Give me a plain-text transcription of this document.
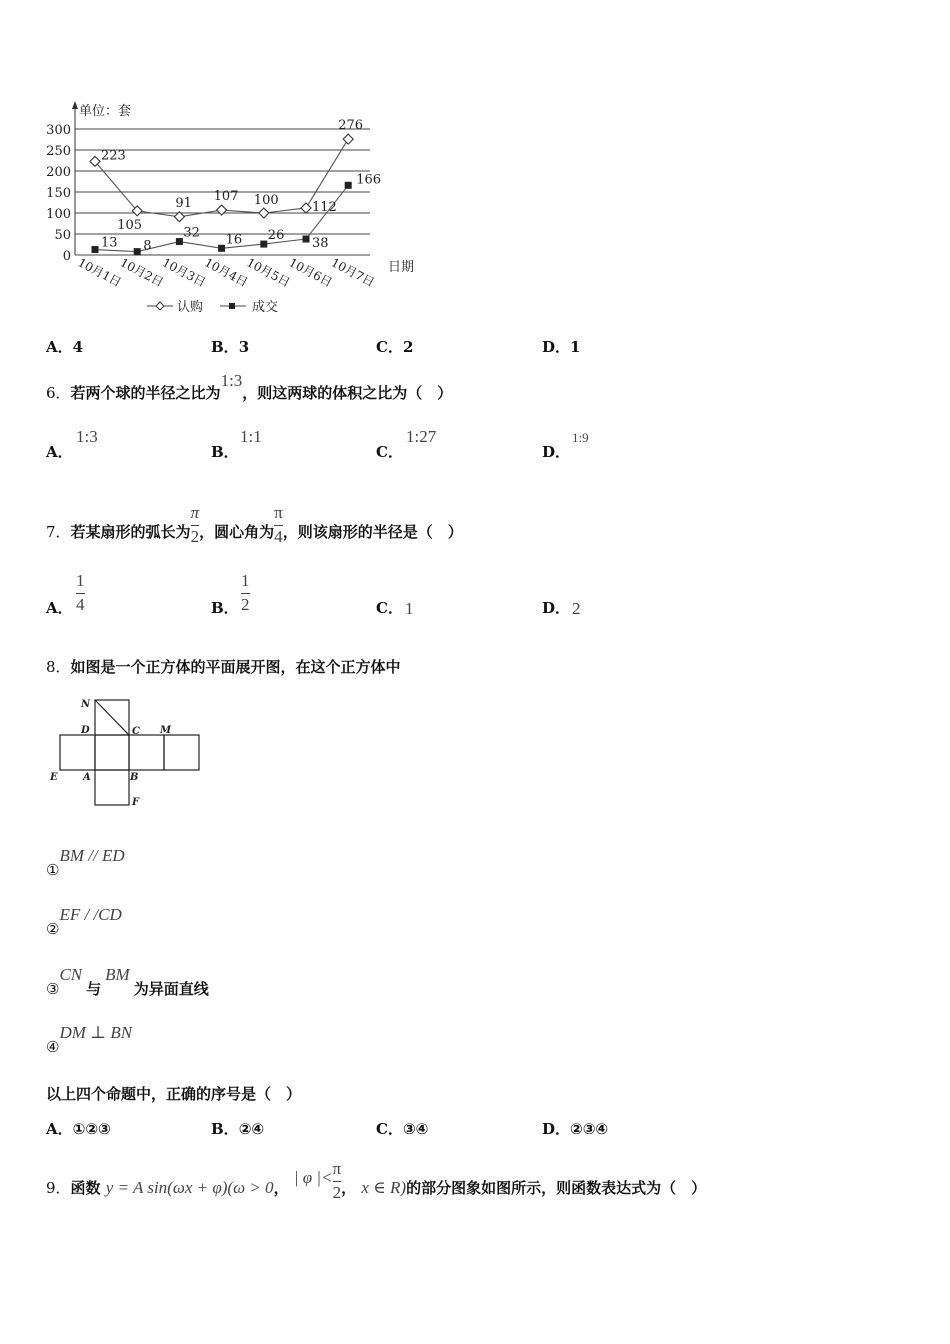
单位：套
0
50
100
150
200
250
300
10月1日
10月2日
10月3日
10月4日
10月5日
10月6日
10月7日 日期
223
105
91 107 100	112
276
13 8
32 16 26
38
166
认购	成交
A．4	B．3	C．2	D．1
6．若两个球的半径之比为1:3，则这两球的体积之比为（　）
A．
1:3
B．
1:1
C．
1:27
D．
1:9
7．若某扇形的弧长为 $\frac{\pi}{2}$ ，圆心角为 $\frac{\pi}{4}$ ，则该扇形的半径是（　）
A．
1
4	B．
1
2	C． 1	D． 2
8．如图是一个正方体的平面展开图，在这个正方体中
N
D	C M
E	A	B
F
①BM // ED
②EF / /CD
③CN与BM为异面直线
④DM ⊥ BN
以上四个命题中，正确的序号是（　）
A．①②③	B．②④	C．③④	D．②③④
9．函数 y = A sin(ωx + φ)(ω > 0， | φ |< $\frac{\pi}{2}$ ， x ∈ R)的部分图象如图所示，则函数表达式为（　）
